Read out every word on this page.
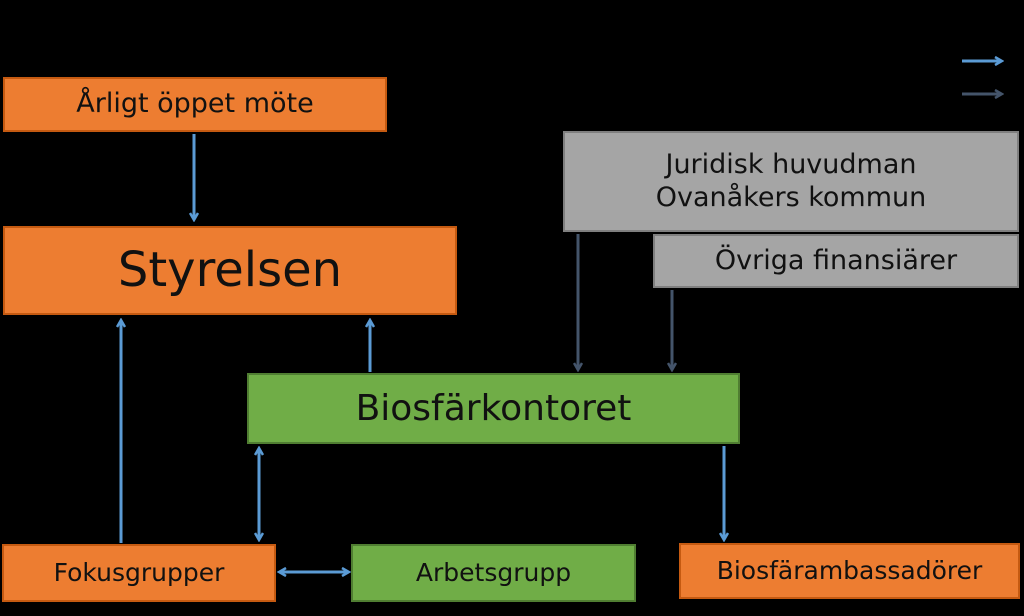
Årligt öppet möte
Styrelsen
Juridisk huvudman
Ovanåkers kommun
Övriga finansiärer
Biosfärkontoret
Fokusgrupper	Arbetsgrupp	Biosfärambassadörer
